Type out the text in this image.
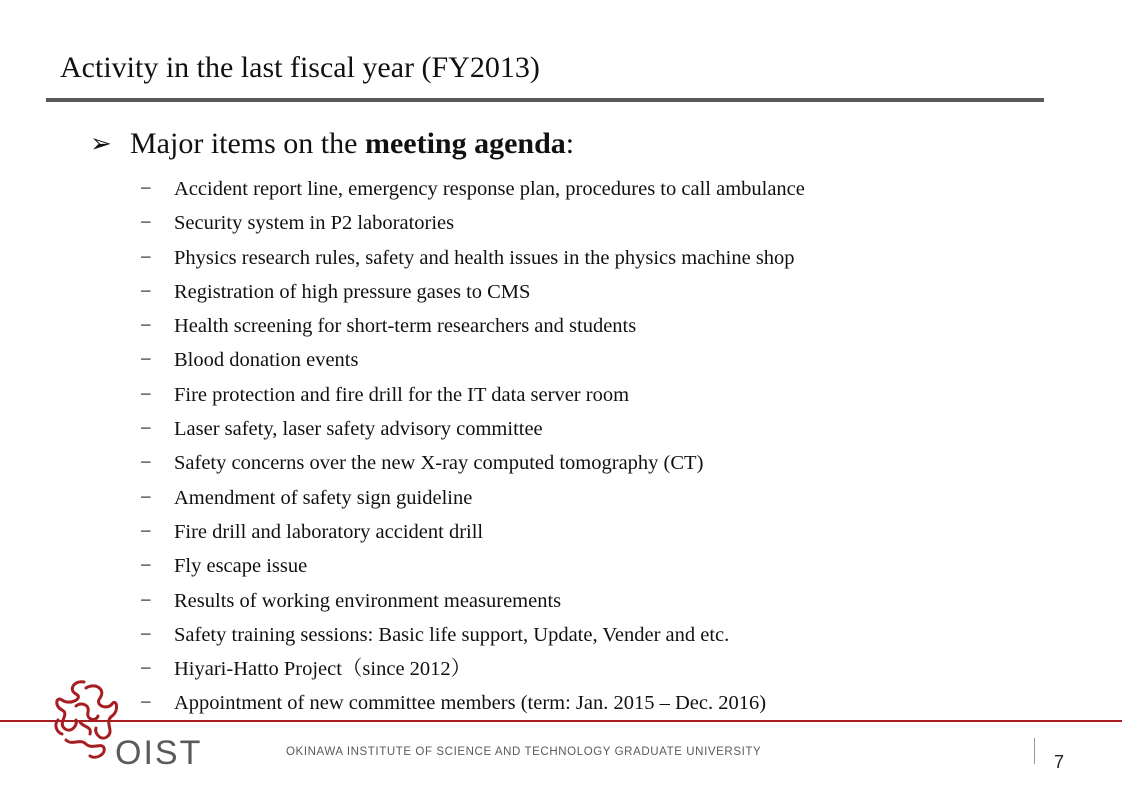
Activity in the last fiscal year (FY2013)
➢ Major items on the
meeting agenda :
−	Accident report line, emergency response plan, procedures to call ambulance
−	Security system in P2 laboratories
−	Physics research rules, safety and health issues in the physics machine shop
−	Registration of high pressure gases to CMS
−	Health screening for short-term researchers and students
−	Blood donation events
−	Fire protection and fire drill for the IT data server room
−	Laser safety, laser safety advisory committee
−	Safety concerns over the new X-ray computed tomography (CT)
−	Amendment of safety sign guideline
−	Fire drill and laboratory accident drill
−	Fly escape issue
−	Results of working environment measurements
−	Safety training sessions: Basic life support, Update, Vender and etc.
−	Hiyari-Hatto Project（since 2012）
−	Appointment of new committee members (term: Jan. 2015 – Dec. 2016)
OIST	OKINAWA INSTITUTE OF SCIENCE AND TECHNOLOGY GRADUATE UNIVERSITY	7
